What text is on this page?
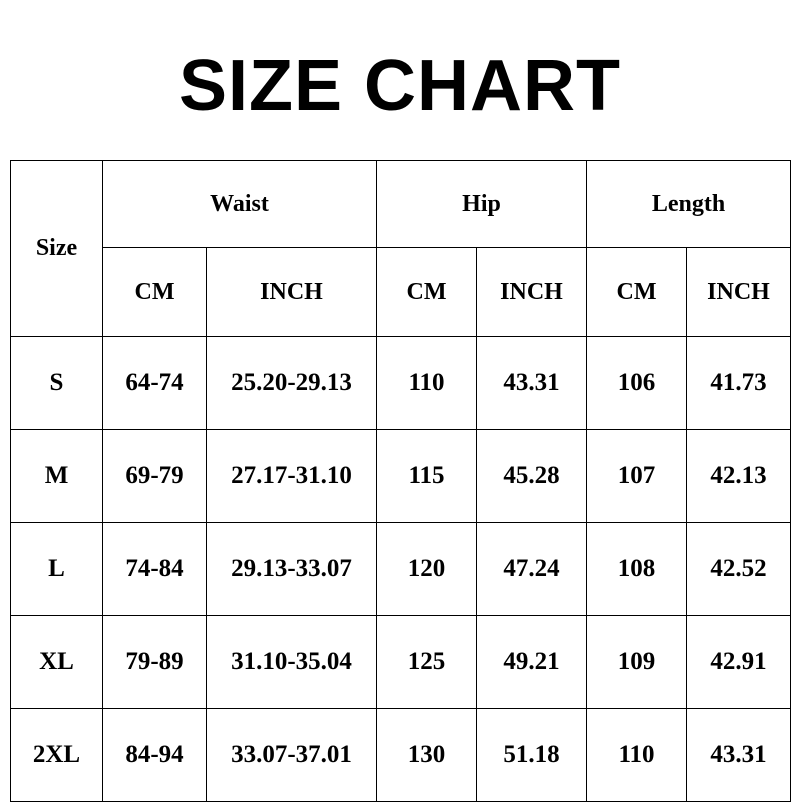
SIZE CHART
Size	Waist		Hip		Length	
	CM	INCH	CM	INCH	CM	INCH
S	64-74	25.20-29.13	110	43.31	106	41.73
M	69-79	27.17-31.10	115	45.28	107	42.13
L	74-84	29.13-33.07	120	47.24	108	42.52
XL	79-89	31.10-35.04	125	49.21	109	42.91
2XL	84-94	33.07-37.01	130	51.18	110	43.31
